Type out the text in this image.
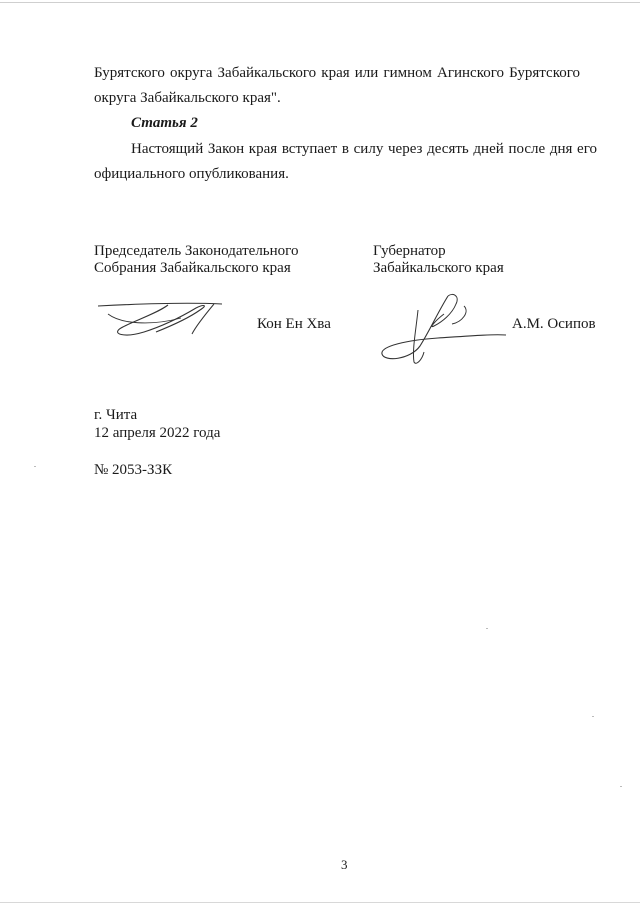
Бурятского округа Забайкальского края или гимном Агинского Бурятского
округа Забайкальского края".
Статья 2
Настоящий Закон края вступает в силу через десять дней после дня его
официального опубликования.
Председатель Законодательного
Собрания Забайкальского края
Кон Ен Хва
Губернатор
Забайкальского края
А.М. Осипов
г. Чита
12 апреля 2022 года
№ 2053-ЗЗК
3
